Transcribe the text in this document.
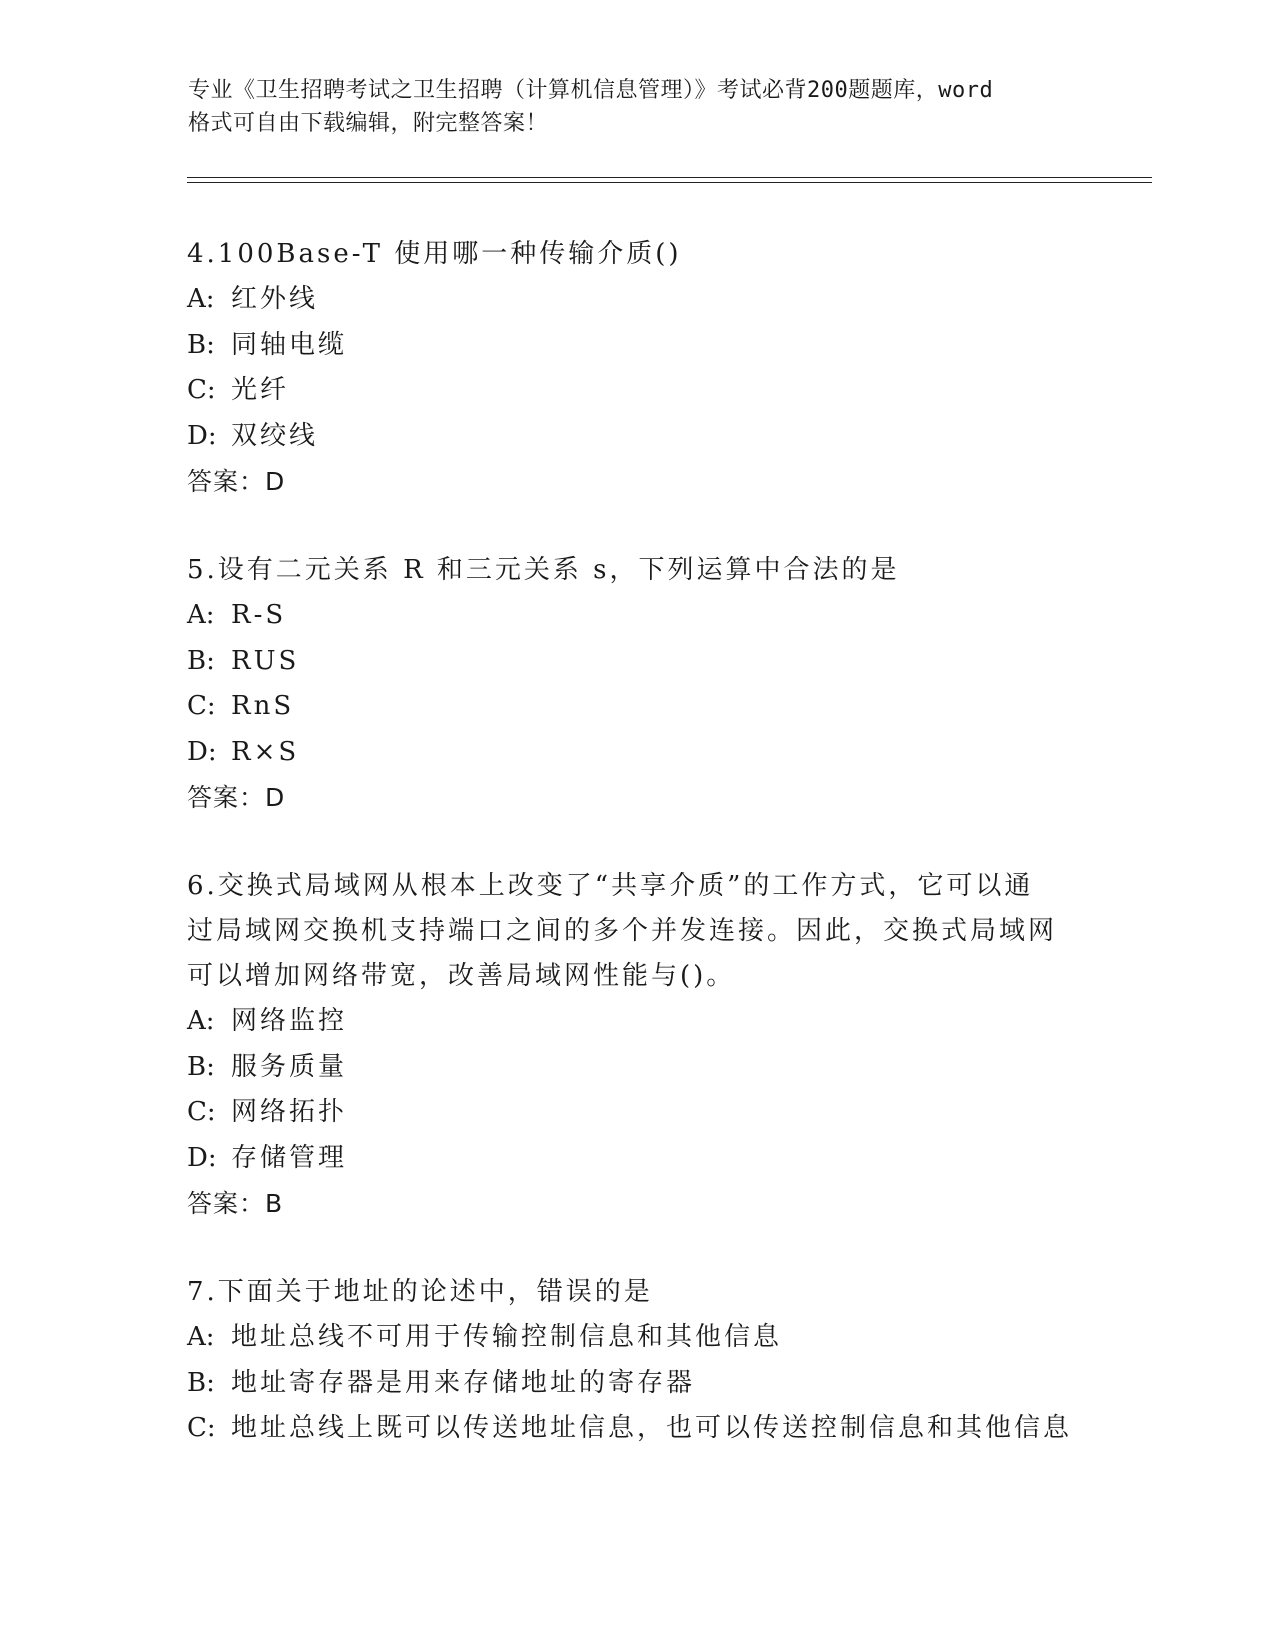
专业《卫生招聘考试之卫生招聘（计算机信息管理）》考试必背200题题库，word
格式可自由下载编辑，附完整答案！
4.100Base-T 使用哪一种传输介质()
A: 红外线
B: 同轴电缆
C: 光纤
D: 双绞线
答案：D
5.设有二元关系 R 和三元关系 s，下列运算中合法的是
A: R-S
B: RUS
C: RnS
D: R×S
答案：D
6.交换式局域网从根本上改变了“共享介质”的工作方式，它可以通
过局域网交换机支持端口之间的多个并发连接。因此，交换式局域网
可以增加网络带宽，改善局域网性能与()。
A: 网络监控
B: 服务质量
C: 网络拓扑
D: 存储管理
答案：B
7.下面关于地址的论述中，错误的是
A: 地址总线不可用于传输控制信息和其他信息
B: 地址寄存器是用来存储地址的寄存器
C: 地址总线上既可以传送地址信息，也可以传送控制信息和其他信息
